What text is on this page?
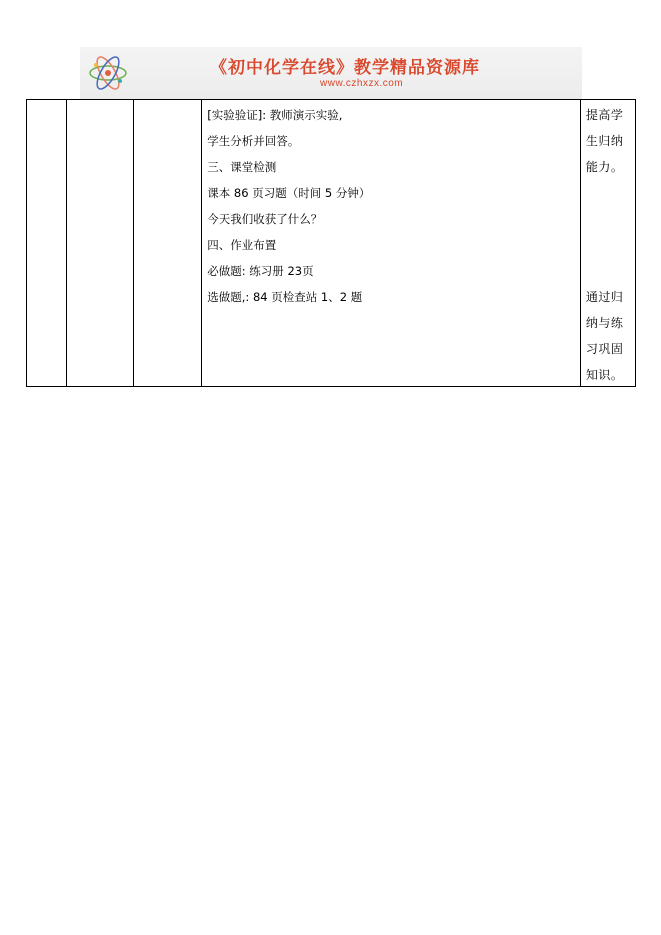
《初中化学在线》教学精品资源库
www.czhxzx.com

[实验验证]: 教师演示实验,
学生分析并回答。
三、课堂检测
课本 86 页习题（时间 5 分钟）
今天我们收获了什么？
四、作业布置
必做题: 练习册 23页
选做题,: 84 页检查站 1、2 题

提高学
生归纳
能力。
通过归
纳与练
习巩固
知识。
